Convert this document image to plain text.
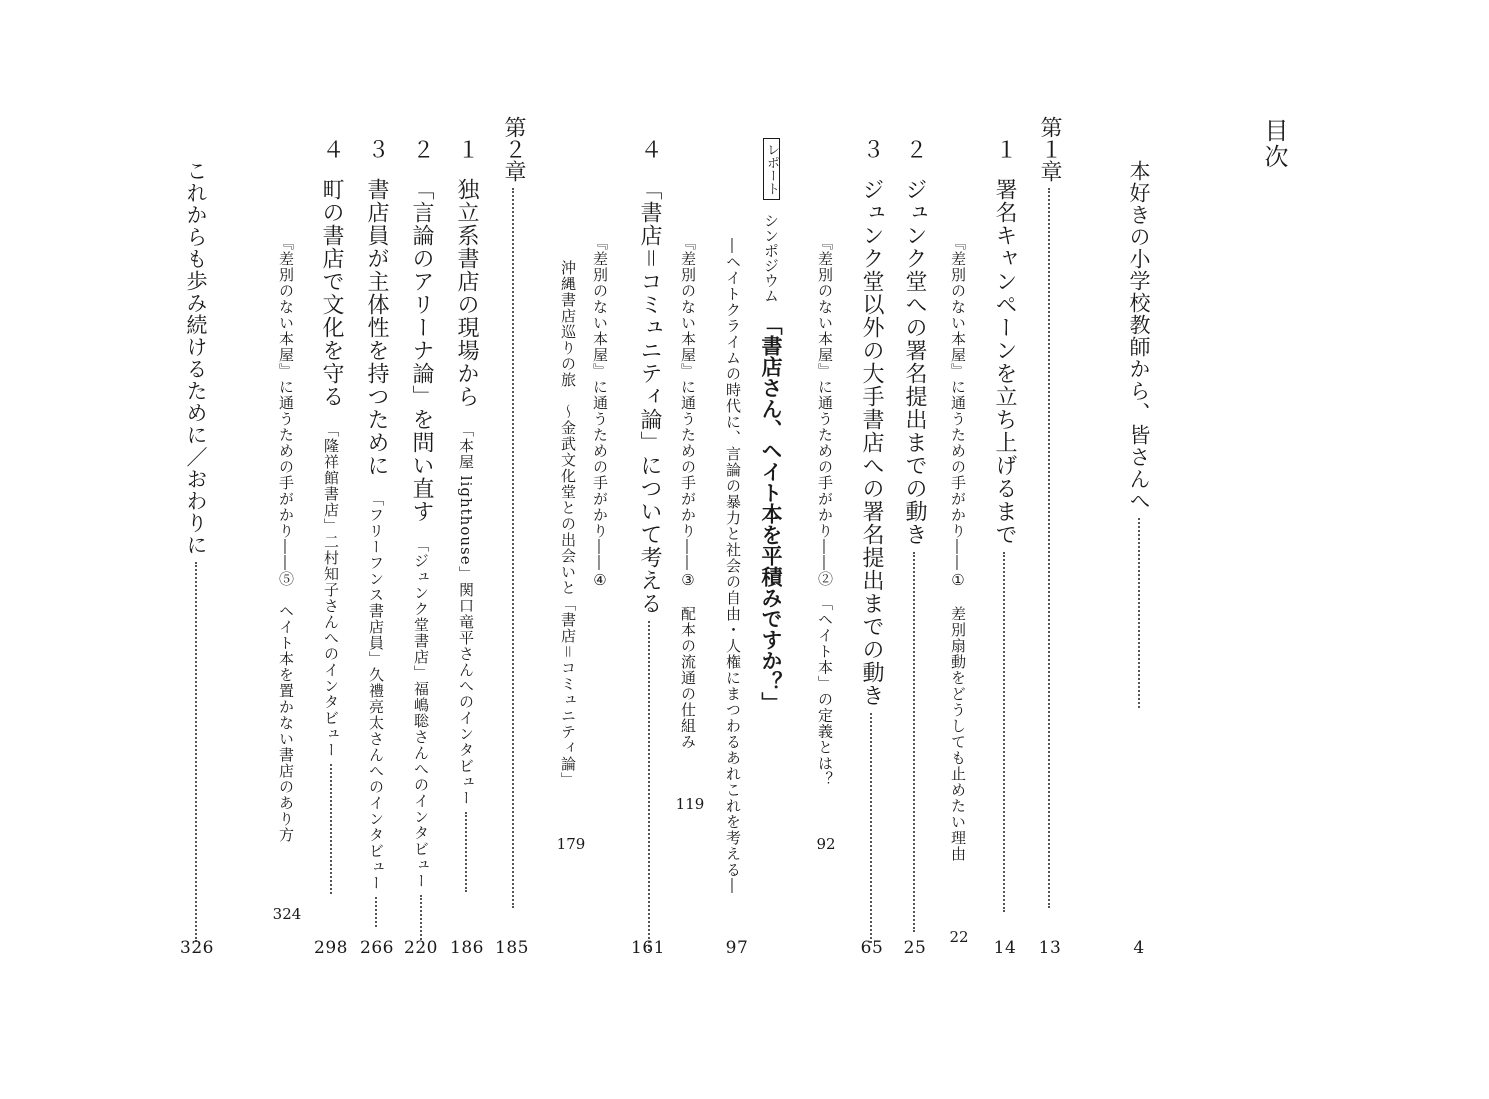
目次
本好きの小学校教師から、皆さんへ
4
第１章
13
１
署名キャンペーンを立ち上げるまで
14
『差別のない本屋』に通うための手がかり――①　差別扇動をどうしても止めたい理由
22
２
ジュンク堂への署名提出までの動き
25
『差別のない本屋』に通うための手がかり――②　「ヘイト本」の定義とは？
92
３
ジュンク堂以外の大手書店への署名提出までの動き
65
『差別のない本屋』に通うための手がかり――③　配本の流通の仕組み
119
レポート シンポジウム 「書店さん、ヘイト本を平積みですか？」
―ヘイトクライムの時代に、言論の暴力と社会の自由・人権にまつわるあれこれを考える―
97
４
「書店＝コミュニティ論」について考える
161
『差別のない本屋』に通うための手がかり――④
沖縄書店巡りの旅　～金武文化堂との出会いと「書店＝コミュニティ論」
179
第２章
185
１
独立系書店の現場から 「本屋 lighthouse」関口竜平さんへのインタビュー
186
２
「言論のアリーナ論」を問い直す 「ジュンク堂書店」福嶋聡さんへのインタビュー
220
３
書店員が主体性を持つために 「フリーフンス書店員」久禮亮太さんへのインタビュー
266
４
町の書店で文化を守る 「隆祥館書店」二村知子さんへのインタビュー
298
『差別のない本屋』に通うための手がかり――⑤　ヘイト本を置かない書店のあり方
324
これからも歩み続けるために／おわりに
326
